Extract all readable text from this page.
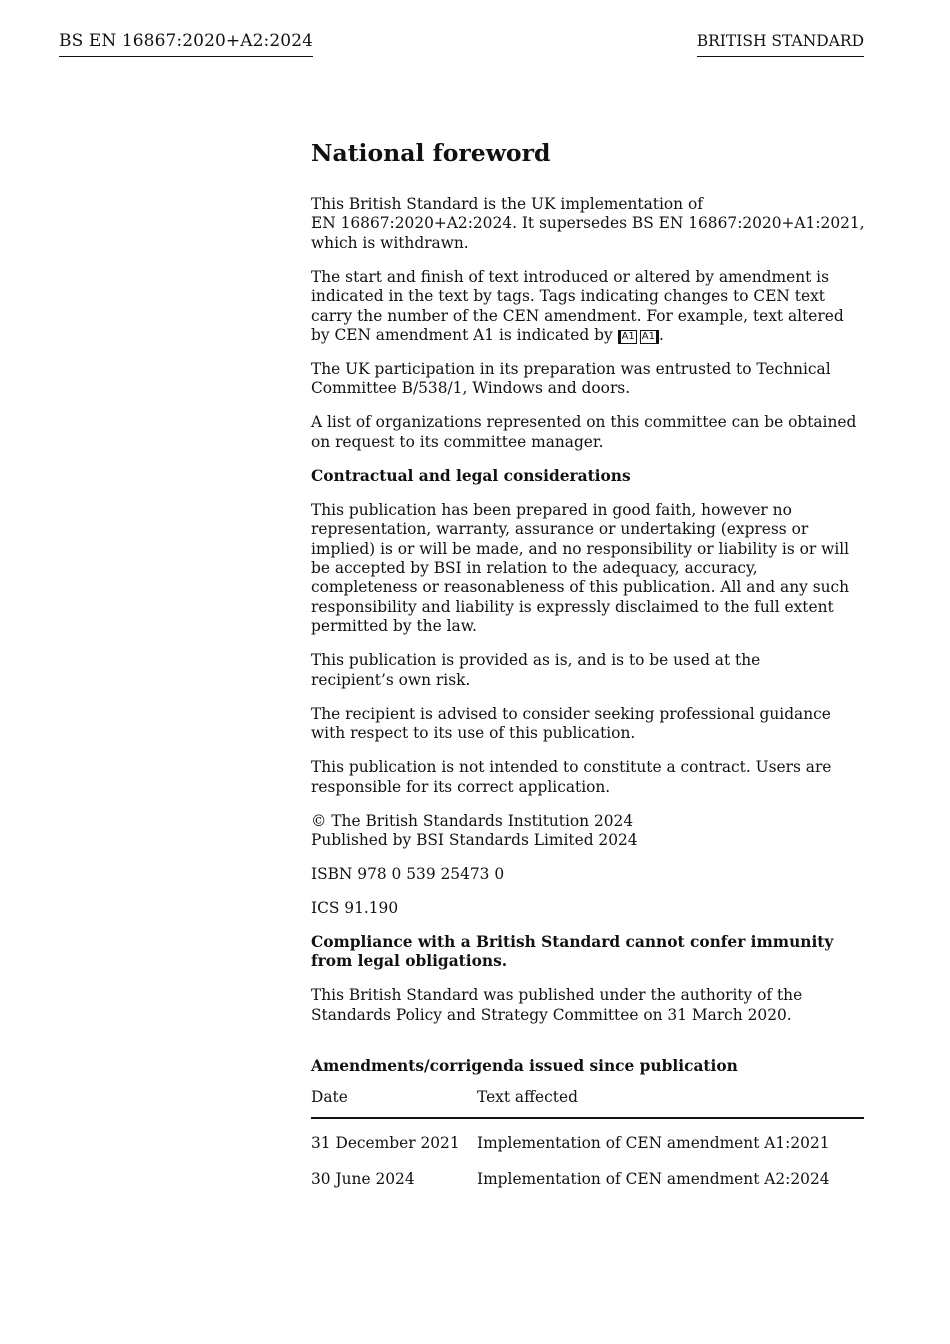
BS EN 16867:2020+A2:2024	BRITISH STANDARD
National foreword

This British Standard is the UK implementation of
EN 16867:2020+A2:2024. It supersedes BS EN 16867:2020+A1:2021,
which is withdrawn.

The start and finish of text introduced or altered by amendment is indicated in the text by tags. Tags indicating changes to CEN text carry the number of the CEN amendment. For example, text altered by CEN amendment A1 is indicated by A1 A1 .

The UK participation in its preparation was entrusted to Technical Committee B/538/1, Windows and doors.

A list of organizations represented on this committee can be obtained on request to its committee manager.

Contractual and legal considerations

This publication has been prepared in good faith, however no representation, warranty, assurance or undertaking (express or implied) is or will be made, and no responsibility or liability is or will be accepted by BSI in relation to the adequacy, accuracy, completeness or reasonableness of this publication. All and any such responsibility and liability is expressly disclaimed to the full extent permitted by the law.

This publication is provided as is, and is to be used at the
recipient’s own risk.

The recipient is advised to consider seeking professional guidance with respect to its use of this publication.

This publication is not intended to constitute a contract. Users are responsible for its correct application.

© The British Standards Institution 2024
Published by BSI Standards Limited 2024

ISBN 978 0 539 25473 0

ICS 91.190

Compliance with a British Standard cannot confer immunity from legal obligations.

This British Standard was published under the authority of the
Standards Policy and Strategy Committee on 31 March 2020.

Amendments/corrigenda issued since publication
Date	Text affected
31 December 2021	Implementation of CEN amendment A1:2021
30 June 2024	Implementation of CEN amendment A2:2024
